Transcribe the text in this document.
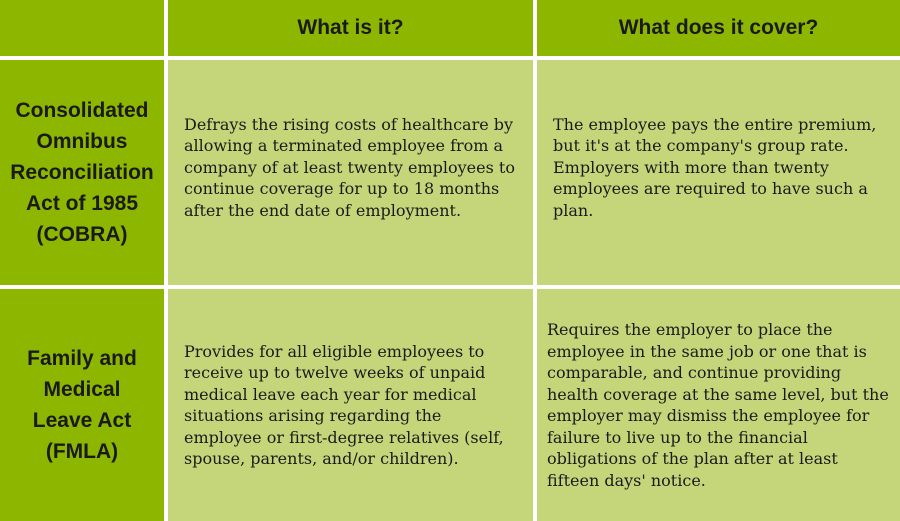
What is it?	What does it cover?
Consolidated
Omnibus
Reconciliation
Act of 1985
(COBRA)
Defrays the rising costs of healthcare by allowing a terminated employee from a company of at least twenty employees to continue coverage for up to 18 months after the end date of employment.
The employee pays the entire premium, but it's at the company's group rate. Employers with more than twenty employees are required to have such a plan.
Family and
Medical
Leave Act
(FMLA)
Provides for all eligible employees to receive up to twelve weeks of unpaid medical leave each year for medical situations arising regarding the employee or first-degree relatives (self, spouse, parents, and/or children).
Requires the employer to place the employee in the same job or one that is comparable, and continue providing health coverage at the same level, but the employer may dismiss the employee for failure to live up to the financial obligations of the plan after at least fifteen days' notice.
